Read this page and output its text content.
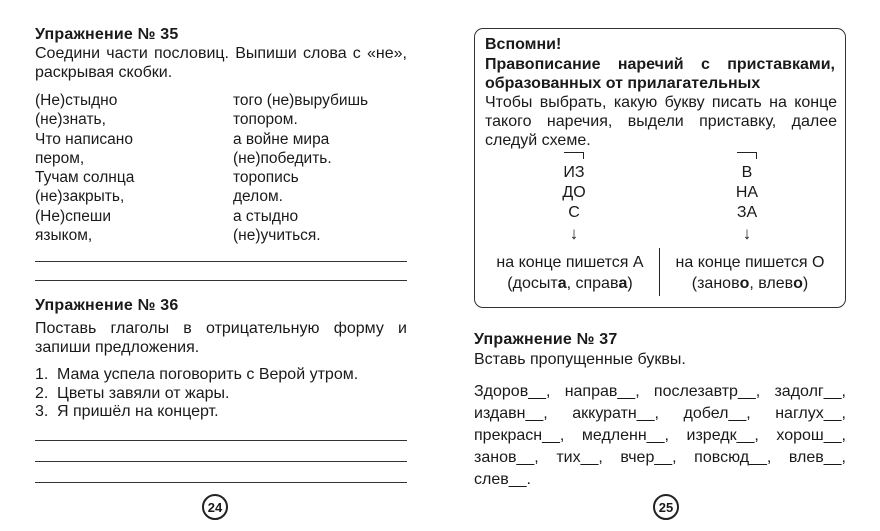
Упражнение № 35
Соедини части пословиц. Выпиши слова с «не», раскрывая скобки.
(Не)стыдно
(не)знать,
того (не)вырубишь
топором.
Что написано
пером,
а войне мира
(не)победить.
Тучам солнца
(не)закрыть,
торопись
делом.
(Не)спеши
языком,
а стыдно
(не)учиться.
Упражнение № 36
Поставь глаголы в отрицательную форму и запиши предложения.
1. Мама успела поговорить с Верой утром.
2. Цветы завяли от жары.
3. Я пришёл на концерт.
24
Вспомни!
Правописание наречий с приставками, образованных от прилагательных
Чтобы выбрать, какую букву писать на конце такого наречия, выдели приставку, далее следуй схеме.
ИЗ
ДО
С
↓
В
НА
ЗА
↓
на конце пишется А
(досыта, справа)
на конце пишется О
(заново, влево)
Упражнение № 37
Вставь пропущенные буквы.
Здоров__, направ__, послезавтр__, задолг__, издавн__, аккуратн__, добел__, наглух__, прекрасн__, медленн__, изредк__, хорош__, занов__, тих__, вчер__, повсюд__, влев__, слев__.
25
